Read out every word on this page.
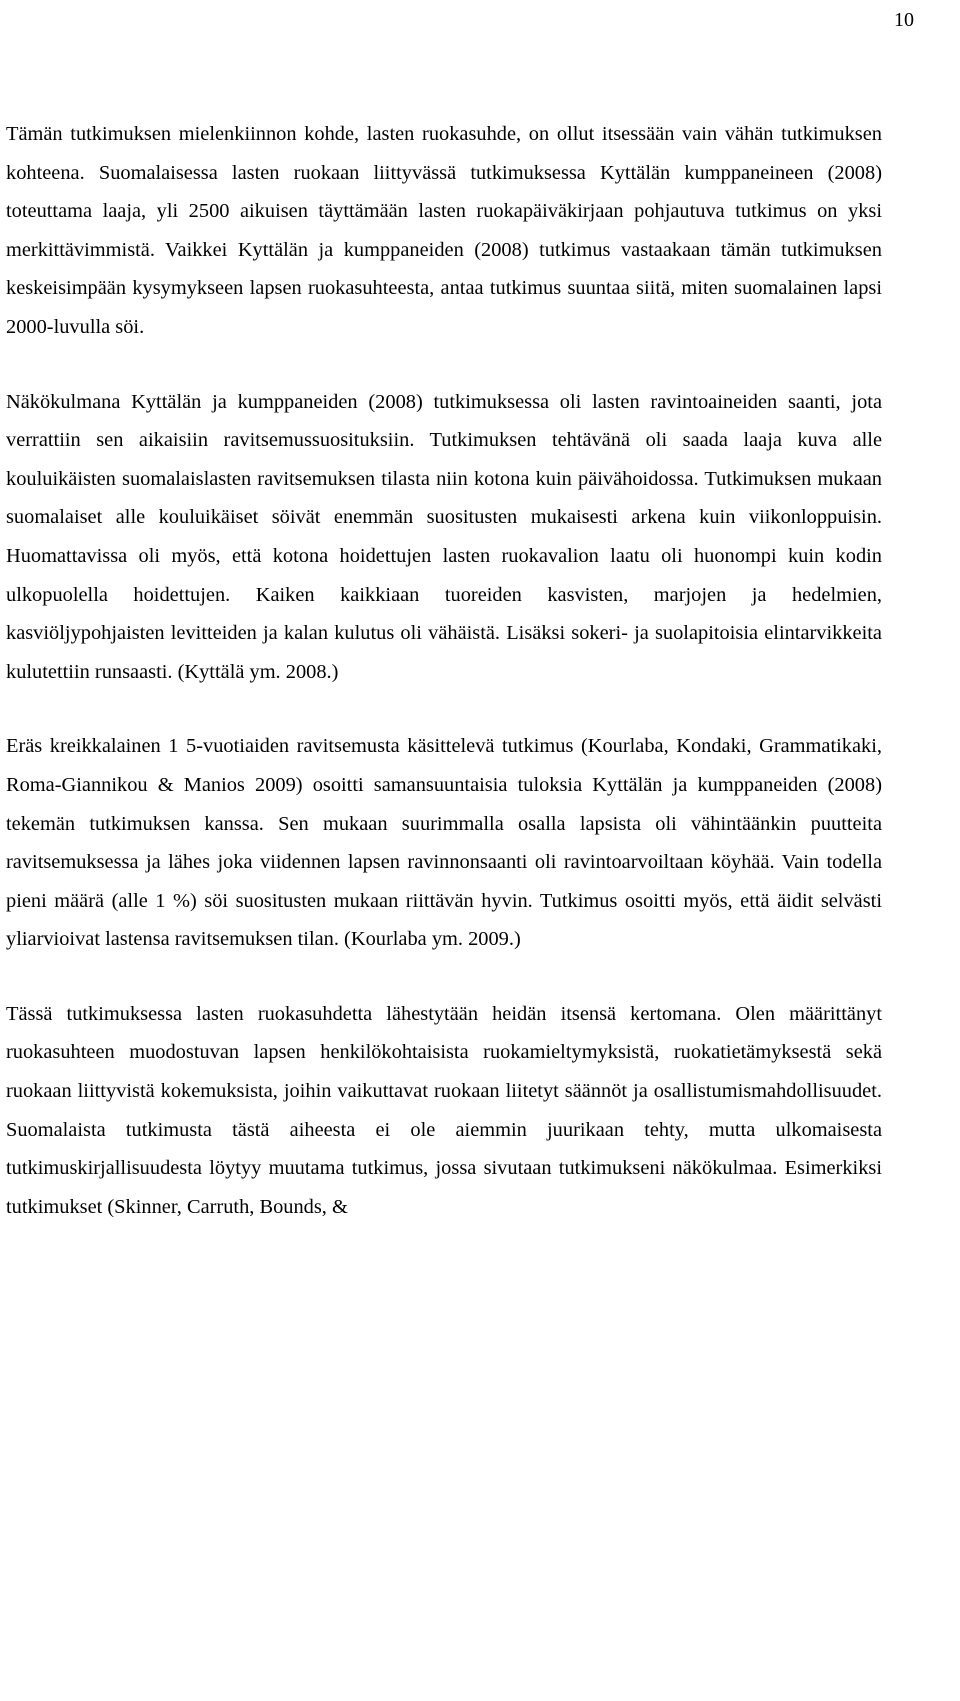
10

Tämän tutkimuksen mielenkiinnon kohde, lasten ruokasuhde, on ollut itsessään vain vähän tutkimuksen kohteena. Suomalaisessa lasten ruokaan liittyvässä tutkimuksessa Kyttälän kumppaneineen (2008) toteuttama laaja, yli 2500 aikuisen täyttämään lasten ruokapäiväkirjaan pohjautuva tutkimus on yksi merkittävimmistä. Vaikkei Kyttälän ja kumppaneiden (2008) tutkimus vastaakaan tämän tutkimuksen keskeisimpään kysymykseen lapsen ruokasuhteesta, antaa tutkimus suuntaa siitä, miten suomalainen lapsi 2000-luvulla söi.

Näkökulmana Kyttälän ja kumppaneiden (2008) tutkimuksessa oli lasten ravintoaineiden saanti, jota verrattiin sen aikaisiin ravitsemussuosituksiin. Tutkimuksen tehtävänä oli saada laaja kuva alle kouluikäisten suomalaislasten ravitsemuksen tilasta niin kotona kuin päivähoidossa. Tutkimuksen mukaan suomalaiset alle kouluikäiset söivät enemmän suositusten mukaisesti arkena kuin viikonloppuisin. Huomattavissa oli myös, että kotona hoidettujen lasten ruokavalion laatu oli huonompi kuin kodin ulkopuolella hoidettujen. Kaiken kaikkiaan tuoreiden kasvisten, marjojen ja hedelmien, kasviöljypohjaisten levitteiden ja kalan kulutus oli vähäistä. Lisäksi sokeri- ja suolapitoisia elintarvikkeita kulutettiin runsaasti. (Kyttälä ym. 2008.)

Eräs kreikkalainen 1 5-vuotiaiden ravitsemusta käsittelevä tutkimus (Kourlaba, Kondaki, Grammatikaki, Roma-Giannikou & Manios 2009) osoitti samansuuntaisia tuloksia Kyttälän ja kumppaneiden (2008) tekemän tutkimuksen kanssa. Sen mukaan suurimmalla osalla lapsista oli vähintäänkin puutteita ravitsemuksessa ja lähes joka viidennen lapsen ravinnonsaanti oli ravintoarvoiltaan köyhää. Vain todella pieni määrä (alle 1 %) söi suositusten mukaan riittävän hyvin. Tutkimus osoitti myös, että äidit selvästi yliarvioivat lastensa ravitsemuksen tilan. (Kourlaba ym. 2009.)

Tässä tutkimuksessa lasten ruokasuhdetta lähestytään heidän itsensä kertomana. Olen määrittänyt ruokasuhteen muodostuvan lapsen henkilökohtaisista ruokamieltymyksistä, ruokatietämyksestä sekä ruokaan liittyvistä kokemuksista, joihin vaikuttavat ruokaan liitetyt säännöt ja osallistumismahdollisuudet. Suomalaista tutkimusta tästä aiheesta ei ole aiemmin juurikaan tehty, mutta ulkomaisesta tutkimuskirjallisuudesta löytyy muutama tutkimus, jossa sivutaan tutkimukseni näkökulmaa. Esimerkiksi tutkimukset (Skinner, Carruth, Bounds, &
